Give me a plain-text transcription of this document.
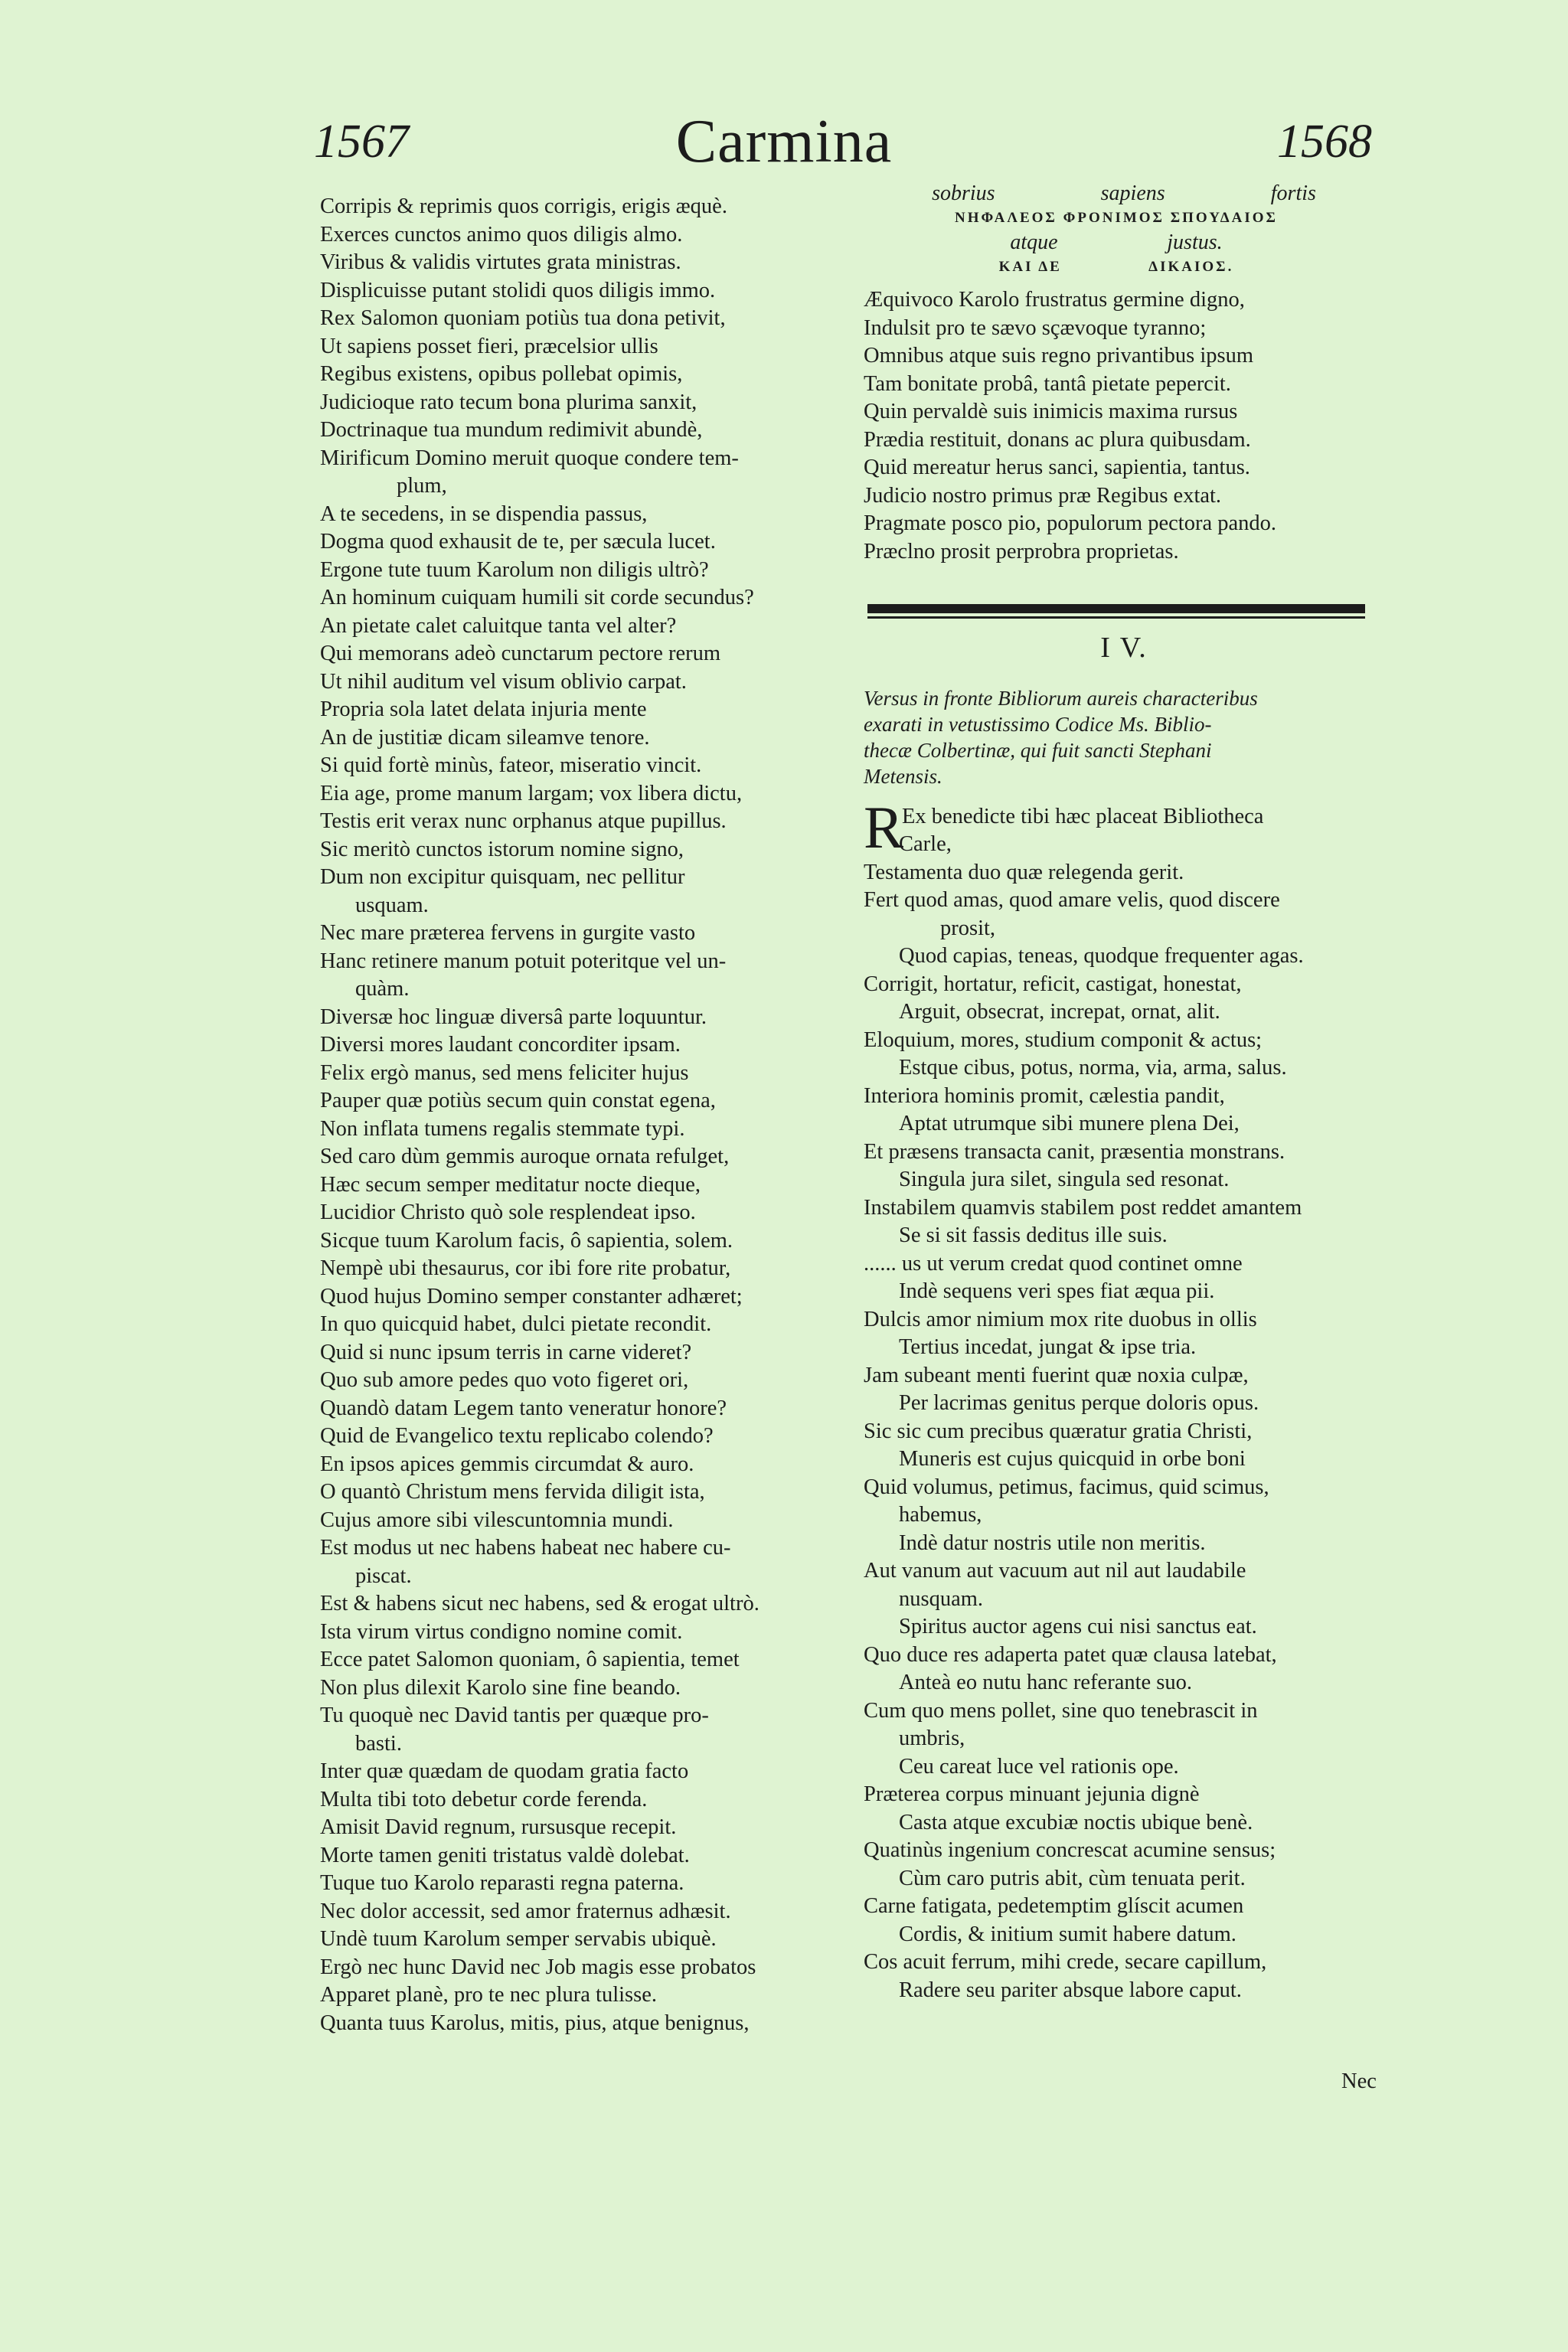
1567	Carmina	1568
Corripis & reprimis quos corrigis, erigis æquè.
Exerces cunctos animo quos diligis almo.
Viribus & validis virtutes grata ministras.
Displicuisse putant stolidi quos diligis immo.
Rex Salomon quoniam potiùs tua dona petivit,
Ut sapiens posset fieri, præcelsior ullis
Regibus existens, opibus pollebat opimis,
Judicioque rato tecum bona plurima sanxit,
Doctrinaque tua mundum redimivit abundè,
Mirificum Domino meruit quoque condere tem-
plum,
A te secedens, in se dispendia passus,
Dogma quod exhausit de te, per sæcula lucet.
Ergone tute tuum Karolum non diligis ultrò?
An hominum cuiquam humili sit corde secundus?
An pietate calet caluitque tanta vel alter?
Qui memorans adeò cunctarum pectore rerum
Ut nihil auditum vel visum oblivio carpat.
Propria sola latet delata injuria mente
An de justitiæ dicam sileamve tenore.
Si quid fortè minùs, fateor, miseratio vincit.
Eia age, prome manum largam; vox libera dictu,
Testis erit verax nunc orphanus atque pupillus.
Sic meritò cunctos istorum nomine signo,
Dum non excipitur quisquam, nec pellitur
usquam.
Nec mare præterea fervens in gurgite vasto
Hanc retinere manum potuit poteritque vel un-
quàm.
Diversæ hoc linguæ diversâ parte loquuntur.
Diversi mores laudant concorditer ipsam.
Felix ergò manus, sed mens feliciter hujus
Pauper quæ potiùs secum quin constat egena,
Non inflata tumens regalis stemmate typi.
Sed caro dùm gemmis auroque ornata refulget,
Hæc secum semper meditatur nocte dieque,
Lucidior Christo quò sole resplendeat ipso.
Sicque tuum Karolum facis, ô sapientia, solem.
Nempè ubi thesaurus, cor ibi fore rite probatur,
Quod hujus Domino semper constanter adhæret;
In quo quicquid habet, dulci pietate recondit.
Quid si nunc ipsum terris in carne videret?
Quo sub amore pedes quo voto figeret ori,
Quandò datam Legem tanto veneratur honore?
Quid de Evangelico textu replicabo colendo?
En ipsos apices gemmis circumdat & auro.
O quantò Christum mens fervida diligit ista,
Cujus amore sibi vilescuntomnia mundi.
Est modus ut nec habens habeat nec habere cu-
piscat.
Est & habens sicut nec habens, sed & erogat ultrò.
Ista virum virtus condigno nomine comit.
Ecce patet Salomon quoniam, ô sapientia, temet
Non plus dilexit Karolo sine fine beando.
Tu quoquè nec David tantis per quæque pro-
basti.
Inter quæ quædam de quodam gratia facto
Multa tibi toto debetur corde ferenda.
Amisit David regnum, rursusque recepit.
Morte tamen geniti tristatus valdè dolebat.
Tuque tuo Karolo reparasti regna paterna.
Nec dolor accessit, sed amor fraternus adhæsit.
Undè tuum Karolum semper servabis ubiquè.
Ergò nec hunc David nec Job magis esse probatos
Apparet planè, pro te nec plura tulisse.
Quanta tuus Karolus, mitis, pius, atque benignus,
sobrius	sapiens	fortis
ΝΗΦΑΛΕΟΣ ΦΡΟΝΙΜΟΣ ΣΠΟΥΔΑΙΟΣ
atque	justus.
ΚΑΙ ΔΕ	ΔΙΚΑΙΟΣ.
Æquivoco Karolo frustratus germine digno,
Indulsit pro te sævo sçævoque tyranno;
Omnibus atque suis regno privantibus ipsum
Tam bonitate probâ, tantâ pietate pepercit.
Quin pervaldè suis inimicis maxima rursus
Prædia restituit, donans ac plura quibusdam.
Quid mereatur herus sanci, sapientia, tantus.
Judicio nostro primus præ Regibus extat.
Pragmate posco pio, populorum pectora pando.
Præclno prosit perprobra proprietas.
I V.
Versus in fronte Bibliorum aureis characteribus
exarati in vetustissimo Codice Ms. Biblio-
thecæ Colbertinæ, qui fuit sancti Stephani
Metensis.
R
Ex benedicte tibi hæc placeat Bibliotheca
Carle,
Testamenta duo quæ relegenda gerit.
Fert quod amas, quod amare velis, quod discere
prosit,
Quod capias, teneas, quodque frequenter agas.
Corrigit, hortatur, reficit, castigat, honestat,
Arguit, obsecrat, increpat, ornat, alit.
Eloquium, mores, studium componit & actus;
Estque cibus, potus, norma, via, arma, salus.
Interiora hominis promit, cælestia pandit,
Aptat utrumque sibi munere plena Dei,
Et præsens transacta canit, præsentia monstrans.
Singula jura silet, singula sed resonat.
Instabilem quamvis stabilem post reddet amantem
Se si sit fassis deditus ille suis.
...... us ut verum credat quod continet omne
Indè sequens veri spes fiat æqua pii.
Dulcis amor nimium mox rite duobus in ollis
Tertius incedat, jungat & ipse tria.
Jam subeant menti fuerint quæ noxia culpæ,
Per lacrimas genitus perque doloris opus.
Sic sic cum precibus quæratur gratia Christi,
Muneris est cujus quicquid in orbe boni
Quid volumus, petimus, facimus, quid scimus,
habemus,
Indè datur nostris utile non meritis.
Aut vanum aut vacuum aut nil aut laudabile
nusquam.
Spiritus auctor agens cui nisi sanctus eat.
Quo duce res adaperta patet quæ clausa latebat,
Anteà eo nutu hanc referante suo.
Cum quo mens pollet, sine quo tenebrascit in
umbris,
Ceu careat luce vel rationis ope.
Præterea corpus minuant jejunia dignè
Casta atque excubiæ noctis ubique benè.
Quatinùs ingenium concrescat acumine sensus;
Cùm caro putris abit, cùm tenuata perit.
Carne fatigata, pedetemptim glíscit acumen
Cordis, & initium sumit habere datum.
Cos acuit ferrum, mihi crede, secare capillum,
Radere seu pariter absque labore caput.
Nec
